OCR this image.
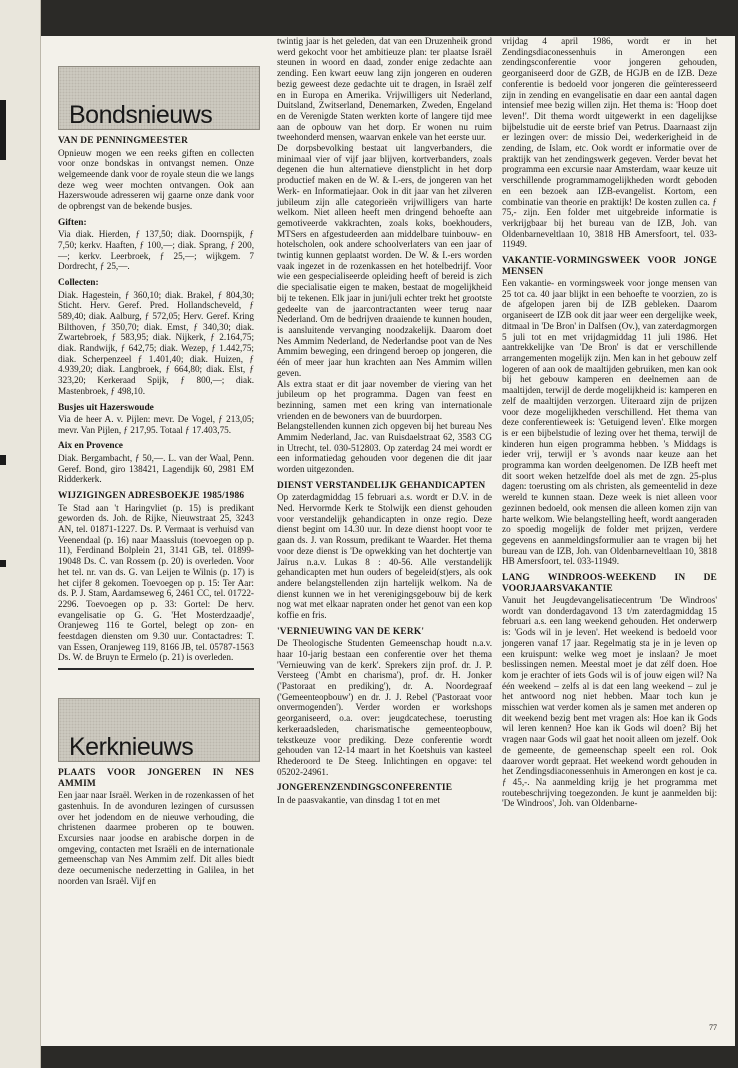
Bondsnieuws
VAN DE PENNINGMEESTER

Opnieuw mogen we een reeks giften en collecten voor onze bondskas in ontvangst nemen. Onze welgemeende dank voor de royale steun die we langs deze weg weer mochten ontvangen. Ook aan Hazerswoude adresseren wij gaarne onze dank voor de opbrengst van de bekende busjes.

Giften:

Via diak. Hierden, ƒ 137,50; diak. Doornspijk, ƒ 7,50; kerkv. Haaften, ƒ 100,—; diak. Sprang, ƒ 200,—; kerkv. Leerbroek, ƒ 25,—; wijkgem. 7 Dordrecht, ƒ 25,—.

Collecten:

Diak. Hagestein, ƒ 360,10; diak. Brakel, ƒ 804,30; Sticht. Herv. Geref. Pred. Hollandscheveld, ƒ 589,40; diak. Aalburg, ƒ 572,05; Herv. Geref. Kring Bilthoven, ƒ 350,70; diak. Emst, ƒ 340,30; diak. Zwartebroek, ƒ 583,95; diak. Nijkerk, ƒ 2.164,75; diak. Randwijk, ƒ 642,75; diak. Wezep, ƒ 1.442,75; diak. Scherpenzeel ƒ 1.401,40; diak. Huizen, ƒ 4.939,20; diak. Langbroek, ƒ 664,80; diak. Elst, ƒ 323,20; Kerkeraad Spijk, ƒ 800,—; diak. Mastenbroek, ƒ 498,10.

Busjes uit Hazerswoude

Via de heer A. v. Pijlen: mevr. De Vogel, ƒ 213,05; mevr. Van Pijlen, ƒ 217,95. Totaal ƒ 17.403,75.

Aix en Provence

Diak. Bergambacht, ƒ 50,—. L. van der Waal, Penn. Geref. Bond, giro 138421, Lagendijk 60, 2981 EM Ridderkerk.

WIJZIGINGEN ADRESBOEKJE 1985/1986

Te Stad aan 't Haringvliet (p. 15) is predikant geworden ds. Joh. de Rijke, Nieuwstraat 25, 3243 AN, tel. 01871-1227. Ds. P. Vermaat is verhuisd van Veenendaal (p. 16) naar Maassluis (toevoegen op p. 11), Ferdinand Bolplein 21, 3141 GB, tel. 01899-19048 Ds. C. van Rossem (p. 20) is overleden. Voor het tel. nr. van ds. G. van Leijen te Wilnis (p. 17) is het cijfer 8 gekomen. Toevoegen op p. 15: Ter Aar: ds. P. J. Stam, Aardamseweg 6, 2461 CC, tel. 01722-2296. Toevoegen op p. 33: Gortel: De herv. evangelisatie op G. G. 'Het Mosterdzaadje', Oranjeweg 116 te Gortel, belegt op zon- en feestdagen diensten om 9.30 uur. Contactadres: T. van Essen, Oranjeweg 119, 8166 JB, tel. 05787-1563 Ds. W. de Bruyn te Ermelo (p. 21) is overleden.

Kerknieuws
PLAATS VOOR JONGEREN IN NES AMMIM

Een jaar naar Israël. Werken in de rozenkassen of het gastenhuis. In de avonduren lezingen of cursussen over het jodendom en de nieuwe verhouding, die christenen daarmee proberen op te bouwen. Excursies naar joodse en arabische dorpen in de omgeving, contacten met Israëli en de internationale gemeenschap van Nes Ammim zelf. Dit alles biedt deze oecumenische nederzetting in Galilea, in het noorden van Israël. Vijf en

twintig jaar is het geleden, dat van een Druzenheik grond werd gekocht voor het ambitieuze plan: ter plaatse Israël steunen in woord en daad, zonder enige zedachte aan zending. Een kwart eeuw lang zijn jongeren en ouderen bezig geweest deze gedachte uit te dragen, in Israël zelf en in Europa en Amerika. Vrijwilligers uit Nederland, Duitsland, Zwitserland, Denemarken, Zweden, Engeland en de Verenigde Staten werkten korte of langere tijd mee aan de opbouw van het dorp. Er wonen nu ruim tweehonderd mensen, waarvan enkele van het eerste uur.

De dorpsbevolking bestaat uit langverbanders, die minimaal vier of vijf jaar blijven, kortverbanders, zoals degenen die hun alternatieve dienstplicht in het dorp productief maken en de W. & I.-ers, de jongeren van het Werk- en Informatiejaar. Ook in dit jaar van het zilveren jubileum zijn alle categorieën vrijwilligers van harte welkom. Niet alleen heeft men dringend behoefte aan gemotiveerde vakkrachten, zoals koks, boekhouders, MTSers en afgestudeerden aan middelbare tuinbouw- en hotelscholen, ook andere schoolverlaters van een jaar of twintig kunnen geplaatst worden. De W. & I.-ers worden vaak ingezet in de rozenkassen en het hotelbedrijf. Voor wie een gespecialiseerde opleiding heeft of bereid is zich die specialisatie eigen te maken, bestaat de mogelijkheid bij te tekenen. Elk jaar in juni/juli echter trekt het grootste gedeelte van de jaarcontractanten weer terug naar Nederland. Om de bedrijven draaiende te kunnen houden, is aansluitende vervanging noodzakelijk. Daarom doet Nes Ammim Nederland, de Nederlandse poot van de Nes Ammim beweging, een dringend beroep op jongeren, die één of meer jaar hun krachten aan Nes Ammim willen geven.

Als extra staat er dit jaar november de viering van het jubileum op het programma. Dagen van feest en bezinning, samen met een kring van internationale vrienden en de bewoners van de buurdorpen.

Belangstellenden kunnen zich opgeven bij het bureau Nes Ammim Nederland, Jac. van Ruisdaelstraat 62, 3583 CG in Utrecht, tel. 030-512803. Op zaterdag 24 mei wordt er een informatiedag gehouden voor degenen die dit jaar worden uitgezonden.

DIENST VERSTANDELIJK GEHANDICAPTEN

Op zaterdagmiddag 15 februari a.s. wordt er D.V. in de Ned. Hervormde Kerk te Stolwijk een dienst gehouden voor verstandelijk gehandicapten in onze regio. Deze dienst begint om 14.30 uur. In deze dienst hoopt voor te gaan ds. J. van Rossum, predikant te Waarder. Het thema voor deze dienst is 'De opwekking van het dochtertje van Jaïrus n.a.v. Lukas 8 : 40-56. Alle verstandelijk gehandicapten met hun ouders of begeleid(st)ers, als ook andere belangstellenden zijn hartelijk welkom. Na de dienst kunnen we in het verenigingsgebouw bij de kerk nog wat met elkaar napraten onder het genot van een kop koffie en fris.

'VERNIEUWING VAN DE KERK'

De Theologische Studenten Gemeenschap houdt n.a.v. haar 10-jarig bestaan een conferentie over het thema 'Vernieuwing van de kerk'. Sprekers zijn prof. dr. J. P. Versteeg ('Ambt en charisma'), prof. dr. H. Jonker ('Pastoraat en prediking'), dr. A. Noordegraaf ('Gemeenteopbouw') en dr. J. J. Rebel ('Pastoraat voor onvermogenden'). Verder worden er workshops georganiseerd, o.a. over: jeugdcatechese, toerusting kerkeraadsleden, charismatische gemeenteopbouw, tekstkeuze voor prediking. Deze conferentie wordt gehouden van 12-14 maart in het Koetshuis van kasteel Rhederoord te De Steeg. Inlichtingen en opgave: tel 05202-24961.

JONGERENZENDINGSCONFERENTIE

In de paasvakantie, van dinsdag 1 tot en met

vrijdag 4 april 1986, wordt er in het Zendingsdiaconessenhuis in Amerongen een zendingsconferentie voor jongeren gehouden, georganiseerd door de GZB, de HGJB en de IZB. Deze conferentie is bedoeld voor jongeren die geïnteresseerd zijn in zending en evangelisatie en daar een aantal dagen intensief mee bezig willen zijn. Het thema is: 'Hoop doet leven!'. Dit thema wordt uitgewerkt in een dagelijkse bijbelstudie uit de eerste brief van Petrus. Daarnaast zijn er lezingen over: de missio Dei, wederkerigheid in de zending, de Islam, etc. Ook wordt er informatie over de praktijk van het zendingswerk gegeven. Verder bevat het programma een excursie naar Amsterdam, waar keuze uit verschillende programmamogelijkheden wordt geboden en een bezoek aan IZB-evangelist. Kortom, een combinatie van theorie en praktijk! De kosten zullen ca. ƒ 75,- zijn. Een folder met uitgebreide informatie is verkrijgbaar bij het bureau van de IZB, Joh. van Oldenbarneveltlaan 10, 3818 HB Amersfoort, tel. 033-11949.

VAKANTIE-VORMINGSWEEK VOOR JONGE MENSEN

Een vakantie- en vormingsweek voor jonge mensen van 25 tot ca. 40 jaar blijkt in een behoefte te voorzien, zo is de afgelopen jaren bij de IZB gebleken. Daarom organiseert de IZB ook dit jaar weer een dergelijke week, ditmaal in 'De Bron' in Dalfsen (Ov.), van zaterdagmorgen 5 juli tot en met vrijdagmiddag 11 juli 1986. Het aantrekkelijke van 'De Bron' is dat er verschillende arrangementen mogelijk zijn. Men kan in het gebouw zelf logeren of aan ook de maaltijden gebruiken, men kan ook bij het gebouw kamperen en deelnemen aan de maaltijden, terwijl de derde mogelijkheid is: kamperen en zelf de maaltijden verzorgen. Uiteraard zijn de prijzen voor deze mogelijkheden verschillend. Het thema van deze conferentieweek is: 'Getuigend leven'. Elke morgen is er een bijbelstudie of lezing over het thema, terwijl de kinderen hun eigen programma hebben. 's Middags is ieder vrij, terwijl er 's avonds naar keuze aan het programma kan worden deelgenomen. De IZB heeft met dit soort weken hetzelfde doel als met de zgn. 25-plus dagen: toerusting om als christen, als gemeentelid in deze wereld te kunnen staan. Deze week is niet alleen voor gezinnen bedoeld, ook mensen die alleen komen zijn van harte welkom. Wie belangstelling heeft, wordt aangeraden zo spoedig mogelijk de folder met prijzen, verdere gegevens en aanmeldingsformulier aan te vragen bij het bureau van de IZB, Joh. van Oldenbarneveltlaan 10, 3818 HB Amersfoort, tel. 033-11949.

LANG WINDROOS-WEEKEND IN DE VOORJAARSVAKANTIE

Vanuit het Jeugdevangelisatiecentrum 'De Windroos' wordt van donderdagavond 13 t/m zaterdagmiddag 15 februari a.s. een lang weekend gehouden. Het onderwerp is: 'Gods wil in je leven'. Het weekend is bedoeld voor jongeren vanaf 17 jaar. Regelmatig sta je in je leven op een kruispunt: welke weg moet je inslaan? Je moet beslissingen nemen. Meestal moet je dat zélf doen. Hoe kom je erachter of iets Gods wil is of jouw eigen wil? Na één weekend – zelfs al is dat een lang weekend – zul je het antwoord nog niet hebben. Maar toch kun je misschien wat verder komen als je samen met anderen op dit weekend bezig bent met vragen als: Hoe kan ik Gods wil leren kennen? Hoe kan ik Gods wil doen? Bij het vragen naar Gods wil gaat het nooit alleen om jezelf. Ook de gemeente, de gemeenschap speelt een rol. Ook daarover wordt gepraat. Het weekend wordt gehouden in het Zendingsdiaconessenhuis in Amerongen en kost je ca. ƒ 45,-. Na aanmelding krijg je het programma met routebeschrijving toegezonden. Je kunt je aanmelden bij: 'De Windroos', Joh. van Oldenbarne-

77
